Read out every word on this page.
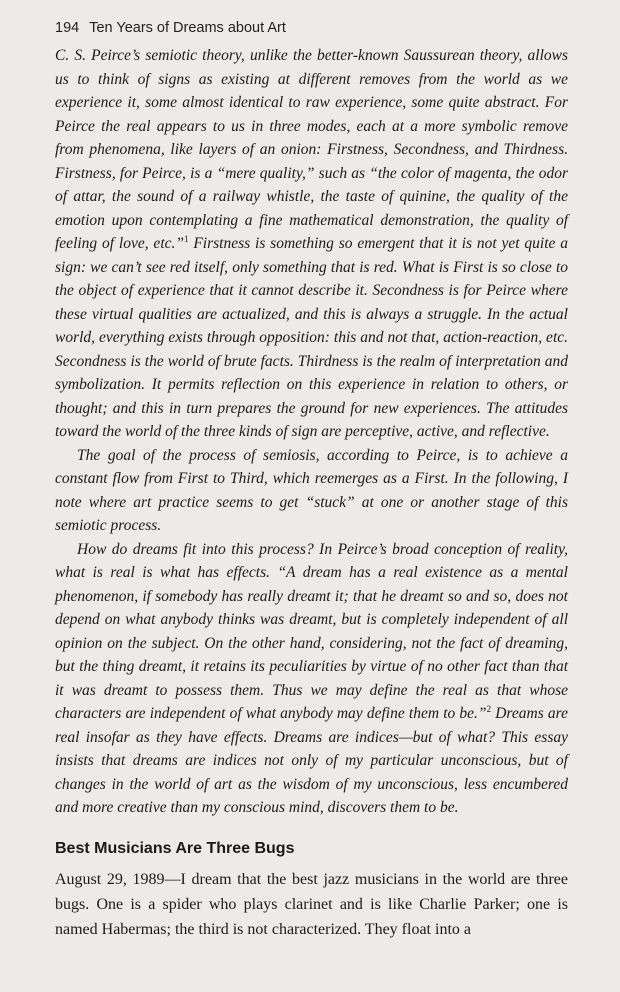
194 Ten Years of Dreams about Art

C. S. Peirce’s semiotic theory, unlike the better-known Saussurean theory, allows us to think of signs as existing at different removes from the world as we experience it, some almost identical to raw experience, some quite abstract. For Peirce the real appears to us in three modes, each at a more symbolic remove from phenomena, like layers of an onion: Firstness, Secondness, and Thirdness. Firstness, for Peirce, is a “mere quality,” such as “the color of magenta, the odor of attar, the sound of a railway whistle, the taste of quinine, the quality of the emotion upon contemplating a fine mathematical demonstration, the quality of feeling of love, etc.”$^1$ Firstness is something so emergent that it is not yet quite a sign: we can’t see red itself, only something that is red. What is First is so close to the object of experience that it cannot describe it. Secondness is for Peirce where these virtual qualities are actualized, and this is always a struggle. In the actual world, everything exists through opposition: this and not that, action-reaction, etc. Secondness is the world of brute facts. Thirdness is the realm of interpretation and symbolization. It permits reflection on this experience in relation to others, or thought; and this in turn prepares the ground for new experiences. The attitudes toward the world of the three kinds of sign are perceptive, active, and reflective.

The goal of the process of semiosis, according to Peirce, is to achieve a constant flow from First to Third, which reemerges as a First. In the following, I note where art practice seems to get “stuck” at one or another stage of this semiotic process.

How do dreams fit into this process? In Peirce’s broad conception of reality, what is real is what has effects. “A dream has a real existence as a mental phenomenon, if somebody has really dreamt it; that he dreamt so and so, does not depend on what anybody thinks was dreamt, but is completely independent of all opinion on the subject. On the other hand, considering, not the fact of dreaming, but the thing dreamt, it retains its peculiarities by virtue of no other fact than that it was dreamt to possess them. Thus we may define the real as that whose characters are independent of what anybody may define them to be.”$^2$ Dreams are real insofar as they have effects. Dreams are indices—but of what? This essay insists that dreams are indices not only of my particular unconscious, but of changes in the world of art as the wisdom of my unconscious, less encumbered and more creative than my conscious mind, discovers them to be.

Best Musicians Are Three Bugs

August 29, 1989—I dream that the best jazz musicians in the world are three bugs. One is a spider who plays clarinet and is like Charlie Parker; one is named Habermas; the third is not characterized. They float into a
